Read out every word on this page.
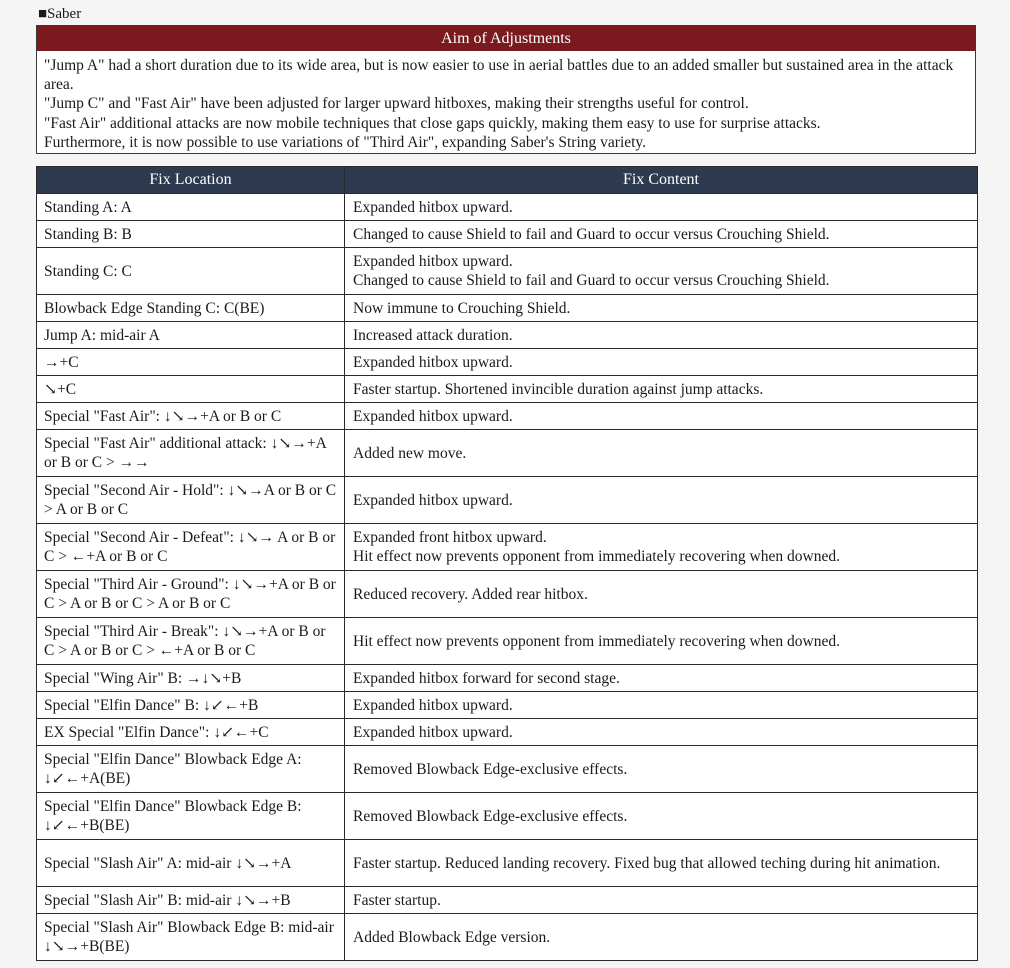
■Saber
Aim of Adjustments

"Jump A" had a short duration due to its wide area, but is now easier to use in aerial battles due to an added smaller but sustained area in the attack area.

"Jump C" and "Fast Air" have been adjusted for larger upward hitboxes, making their strengths useful for control.

"Fast Air" additional attacks are now mobile techniques that close gaps quickly, making them easy to use for surprise attacks.

Furthermore, it is now possible to use variations of "Third Air", expanding Saber's String variety.

Fix Location	Fix Content
Standing A: A	Expanded hitbox upward.

Standing B: B	Changed to cause Shield to fail and Guard to occur versus Crouching Shield.

Standing C: C	Expanded hitbox upward.
Changed to cause Shield to fail and Guard to occur versus Crouching Shield.

Blowback Edge Standing C: C(BE)	Now immune to Crouching Shield.

Jump A: mid-air A	Increased attack duration.

→+C	Expanded hitbox upward.

↘+C	Faster startup. Shortened invincible duration against jump attacks.

Special "Fast Air": ↓↘→+A or B or C	Expanded hitbox upward.

Special "Fast Air" additional attack: ↓↘→+A or B or C > →→	Added new move.

Special "Second Air - Hold": ↓↘→A or B or C > A or B or C	Expanded hitbox upward.

Special "Second Air - Defeat": ↓↘→ A or B or C > ←+A or B or C	Expanded front hitbox upward.
Hit effect now prevents opponent from immediately recovering when downed.

Special "Third Air - Ground": ↓↘→+A or B or C > A or B or C > A or B or C	Reduced recovery. Added rear hitbox.

Special "Third Air - Break": ↓↘→+A or B or C > A or B or C > ←+A or B or C	Hit effect now prevents opponent from immediately recovering when downed.

Special "Wing Air" B: →↓↘+B	Expanded hitbox forward for second stage.

Special "Elfin Dance" B: ↓↙←+B	Expanded hitbox upward.

EX Special "Elfin Dance": ↓↙←+C	Expanded hitbox upward.

Special "Elfin Dance" Blowback Edge A: ↓↙←+A(BE)	Removed Blowback Edge-exclusive effects.

Special "Elfin Dance" Blowback Edge B: ↓↙←+B(BE)	Removed Blowback Edge-exclusive effects.

Special "Slash Air" A: mid-air ↓↘→+A	Faster startup. Reduced landing recovery. Fixed bug that allowed teching during hit animation.

Special "Slash Air" B: mid-air ↓↘→+B	Faster startup.

Special "Slash Air" Blowback Edge B: mid-air ↓↘→+B(BE)	Added Blowback Edge version.
